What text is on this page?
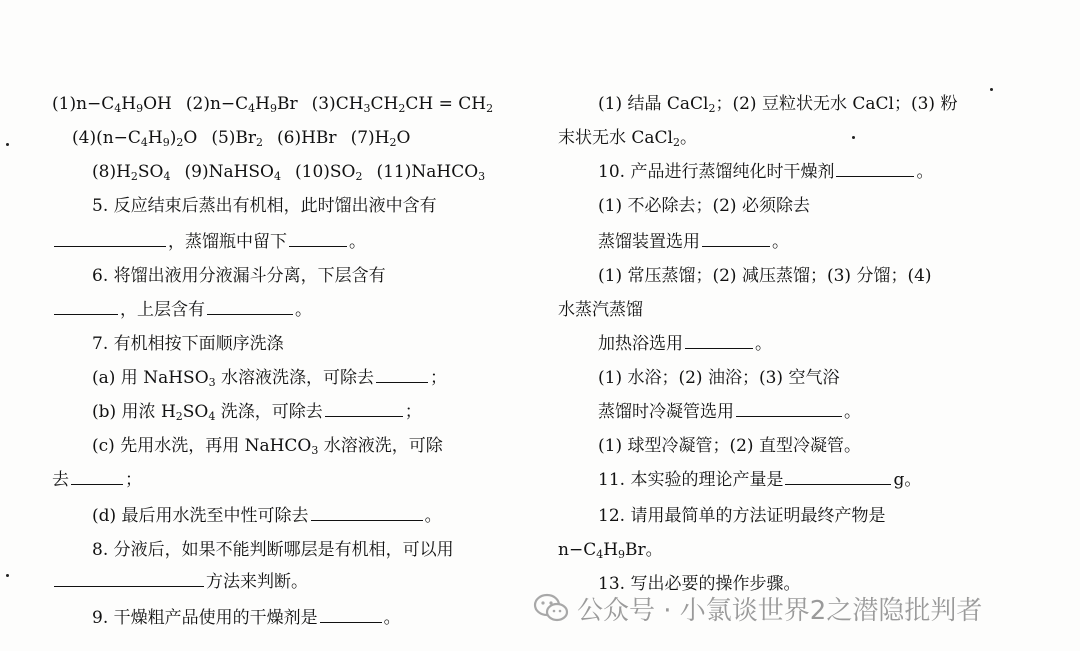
$(1)n-C_4H_9OH$ $(2)n-C_4H_9Br$ $(3)CH_3CH_2CH = CH_2$
$(4)(n-C_4H_9)_2O$ $(5)Br_2$ (6)HBr $(7)H_2O$
$(8)H_2SO_4$ (9)NaHSO$_4$ $(10)SO_2$ (11)NaHCO$_3$
5. 反应结束后蒸出有机相，此时馏出液中含有
，蒸馏瓶中留下	。
6. 将馏出液用分液漏斗分离，下层含有
，上层含有	。
7. 有机相按下面顺序洗涤
(a) 用 NaHSO$_3$ 水溶液洗涤，可除去	；
(b) 用浓 $H_2SO_4$ 洗涤，可除去	；
(c) 先用水洗，再用 NaHCO$_3$ 水溶液洗，可除
去	；
(d) 最后用水洗至中性可除去	。
8. 分液后，如果不能判断哪层是有机相，可以用
方法来判断。
9. 干燥粗产品使用的干燥剂是	。
(1) 结晶 CaCl$_2$；(2) 豆粒状无水 CaCl；(3) 粉
末状无水 CaCl$_2$。
10. 产品进行蒸馏纯化时干燥剂	。
(1) 不必除去；(2) 必须除去
蒸馏装置选用	。
(1) 常压蒸馏；(2) 减压蒸馏；(3) 分馏；(4)
水蒸汽蒸馏
加热浴选用	。
(1) 水浴；(2) 油浴；(3) 空气浴
蒸馏时冷凝管选用	。
(1) 球型冷凝管；(2) 直型冷凝管。
11. 本实验的理论产量是	g。
12. 请用最简单的方法证明最终产物是
$n-C_4H_9Br$。
13. 写出必要的操作步骤。
公众号 · 小氯谈世界2之潜隐批判者
